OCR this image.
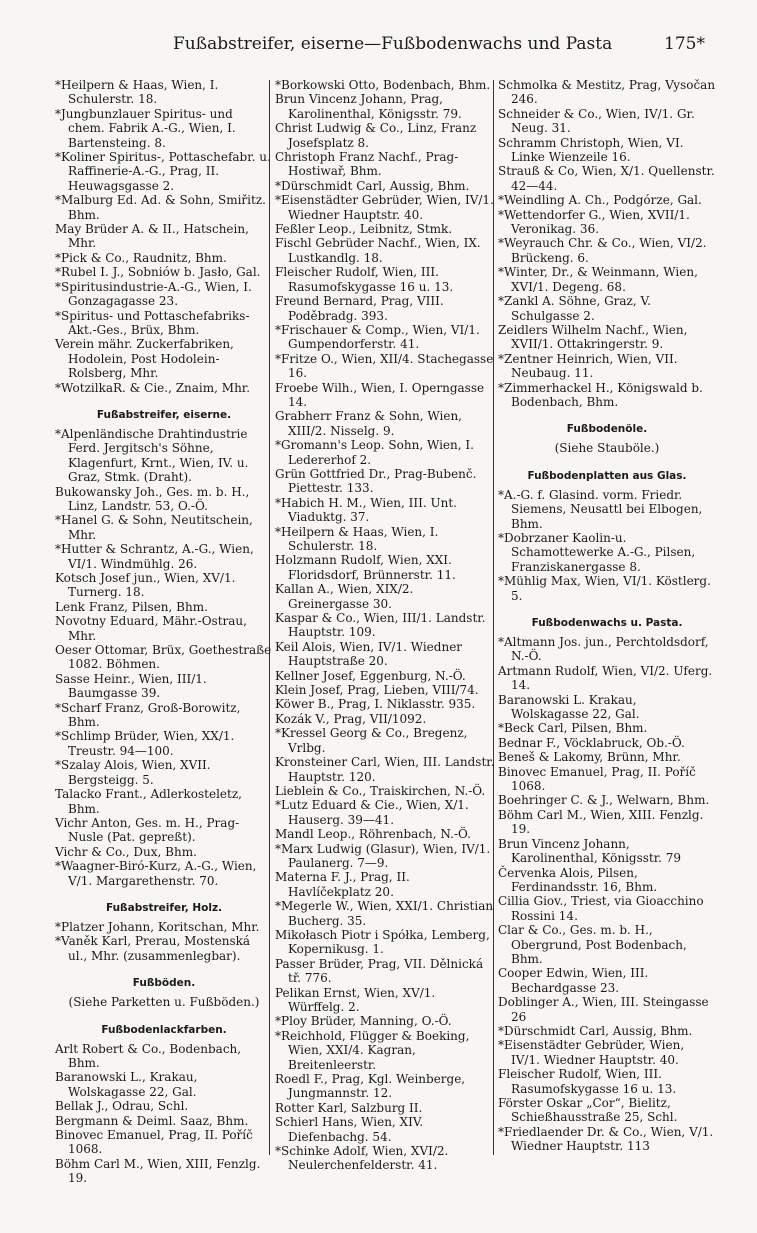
Fußabstreifer, eiserne—Fußbodenwachs und Pasta	175*
*Heilpern & Haas, Wien, I. Schulerstr. 18.
*Jungbunzlauer Spiritus- und chem. Fabrik A.-G., Wien, I. Bartensteing. 8.
*Koliner Spiritus-, Pottaschefabr. u. Raffinerie-A.-G., Prag, II. Heuwagsgasse 2.
*Malburg Ed. Ad. & Sohn, Smiřitz. Bhm.
May Brüder A. & II., Hatschein, Mhr.
*Pick & Co., Raudnitz, Bhm.
*Rubel I. J., Sobniów b. Jasło, Gal.
*Spiritusindustrie-A.-G., Wien, I. Gonzagagasse 23.
*Spiritus- und Pottaschefabriks-Akt.-Ges., Brüx, Bhm.
Verein mähr. Zuckerfabriken, Hodolein, Post Hodolein-Rolsberg, Mhr.
*WotzilkaR. & Cie., Znaim, Mhr.
Fußabstreifer, eiserne.
*Alpenländische Drahtindustrie Ferd. Jergitsch's Söhne, Klagenfurt, Krnt., Wien, IV. u. Graz, Stmk. (Draht).
Bukowansky Joh., Ges. m. b. H., Linz, Landstr. 53, O.-Ö.
*Hanel G. & Sohn, Neutitschein, Mhr.
*Hutter & Schrantz, A.-G., Wien, VI/1. Windmühlg. 26.
Kotsch Josef jun., Wien, XV/1. Turnerg. 18.
Lenk Franz, Pilsen, Bhm.
Novotny Eduard, Mähr.-Ostrau, Mhr.
Oeser Ottomar, Brüx, Goethestraße 1082. Böhmen.
Sasse Heinr., Wien, III/1. Baumgasse 39.
*Scharf Franz, Groß-Borowitz, Bhm.
*Schlimp Brüder, Wien, XX/1. Treustr. 94—100.
*Szalay Alois, Wien, XVII. Bergsteigg. 5.
Talacko Frant., Adlerkosteletz, Bhm.
Vichr Anton, Ges. m. H., Prag-Nusle (Pat. gepreßt).
Vichr & Co., Dux, Bhm.
*Waagner-Biró-Kurz, A.-G., Wien, V/1. Margarethenstr. 70.
Fußabstreifer, Holz.
*Platzer Johann, Koritschan, Mhr.
*Vaněk Karl, Prerau, Mostenská ul., Mhr. (zusammenlegbar).
Fußböden.
(Siehe Parketten u. Fußböden.)
Fußbodenlackfarben.
Arlt Robert & Co., Bodenbach, Bhm.
Baranowski L., Krakau, Wolskagasse 22, Gal.
Bellak J., Odrau, Schl.
Bergmann & Deiml. Saaz, Bhm.
Binovec Emanuel, Prag, II. Poříč 1068.
Böhm Carl M., Wien, XIII, Fenzlg. 19.
*Borkowski Otto, Bodenbach, Bhm.
Brun Vincenz Johann, Prag, Karolinenthal, Königsstr. 79.
Christ Ludwig & Co., Linz, Franz Josefsplatz 8.
Christoph Franz Nachf., Prag-Hostiwař, Bhm.
*Dürschmidt Carl, Aussig, Bhm.
*Eisenstädter Gebrüder, Wien, IV/1. Wiedner Hauptstr. 40.
Feßler Leop., Leibnitz, Stmk.
Fischl Gebrüder Nachf., Wien, IX. Lustkandlg. 18.
Fleischer Rudolf, Wien, III. Rasumofskygasse 16 u. 13.
Freund Bernard, Prag, VIII. Poděbradg. 393.
*Frischauer & Comp., Wien, VI/1. Gumpendorferstr. 41.
*Fritze O., Wien, XII/4. Stachegasse 16.
Froebe Wilh., Wien, I. Operngasse 14.
Grabherr Franz & Sohn, Wien, XIII/2. Nisselg. 9.
*Gromann's Leop. Sohn, Wien, I. Ledererhof 2.
Grün Gottfried Dr., Prag-Bubenč. Piettestr. 133.
*Habich H. M., Wien, III. Unt. Viaduktg. 37.
*Heilpern & Haas, Wien, I. Schulerstr. 18.
Holzmann Rudolf, Wien, XXI. Floridsdorf, Brünnerstr. 11.
Kallan A., Wien, XIX/2. Greinergasse 30.
Kaspar & Co., Wien, III/1. Landstr. Hauptstr. 109.
Keil Alois, Wien, IV/1. Wiedner Hauptstraße 20.
Kellner Josef, Eggenburg, N.-Ö.
Klein Josef, Prag, Lieben, VIII/74.
Köwer B., Prag, I. Niklasstr. 935.
Kozák V., Prag, VII/1092.
*Kressel Georg & Co., Bregenz, Vrlbg.
Kronsteiner Carl, Wien, III. Landstr. Hauptstr. 120.
Lieblein & Co., Traiskirchen, N.-Ö.
*Lutz Eduard & Cie., Wien, X/1. Hauserg. 39—41.
Mandl Leop., Röhrenbach, N.-Ö.
*Marx Ludwig (Glasur), Wien, IV/1. Paulanerg. 7—9.
Materna F. J., Prag, II. Havlíčekplatz 20.
*Megerle W., Wien, XXI/1. Christian Bucherg. 35.
Mikołasch Piotr i Spółka, Lemberg, Kopernikusg. 1.
Passer Brüder, Prag, VII. Dělnická tř. 776.
Pelikan Ernst, Wien, XV/1. Würffelg. 2.
*Ploy Brüder, Manning, O.-Ö.
*Reichhold, Flügger & Boeking, Wien, XXI/4. Kagran, Breitenleerstr.
Roedl F., Prag, Kgl. Weinberge, Jungmannstr. 12.
Rotter Karl, Salzburg II.
Schierl Hans, Wien, XIV. Diefenbachg. 54.
*Schinke Adolf, Wien, XVI/2. Neulerchenfelderstr. 41.
Schmolka & Mestitz, Prag, Vysočan 246.
Schneider & Co., Wien, IV/1. Gr. Neug. 31.
Schramm Christoph, Wien, VI. Linke Wienzeile 16.
Strauß & Co, Wien, X/1. Quellenstr. 42—44.
*Weindling A. Ch., Podgórze, Gal.
*Wettendorfer G., Wien, XVII/1. Veronikag. 36.
*Weyrauch Chr. & Co., Wien, VI/2. Brückeng. 6.
*Winter, Dr., & Weinmann, Wien, XVI/1. Degeng. 68.
*Zankl A. Söhne, Graz, V. Schulgasse 2.
Zeidlers Wilhelm Nachf., Wien, XVII/1. Ottakringerstr. 9.
*Zentner Heinrich, Wien, VII. Neubaug. 11.
*Zimmerhackel H., Königswald b. Bodenbach, Bhm.
Fußbodenöle.
(Siehe Stauböle.)
Fußbodenplatten aus Glas.
*A.-G. f. Glasind. vorm. Friedr. Siemens, Neusattl bei Elbogen, Bhm.
*Dobrzaner Kaolin-u. Schamottewerke A.-G., Pilsen, Franziskanergasse 8.
*Mühlig Max, Wien, VI/1. Köstlerg. 5.
Fußbodenwachs u. Pasta.
*Altmann Jos. jun., Perchtoldsdorf, N.-Ö.
Artmann Rudolf, Wien, VI/2. Uferg. 14.
Baranowski L. Krakau, Wolskagasse 22, Gal.
*Beck Carl, Pilsen, Bhm.
Bednar F., Vöcklabruck, Ob.-Ö.
Beneš & Lakomy, Brünn, Mhr.
Binovec Emanuel, Prag, II. Poříč 1068.
Boehringer C. & J., Welwarn, Bhm.
Böhm Carl M., Wien, XIII. Fenzlg. 19.
Brun Vincenz Johann, Karolinenthal, Königsstr. 79
Červenka Alois, Pilsen, Ferdinandsstr. 16, Bhm.
Cillia Giov., Triest, via Gioacchino Rossini 14.
Clar & Co., Ges. m. b. H., Obergrund, Post Bodenbach, Bhm.
Cooper Edwin, Wien, III. Bechardgasse 23.
Doblinger A., Wien, III. Steingasse 26
*Dürschmidt Carl, Aussig, Bhm.
*Eisenstädter Gebrüder, Wien, IV/1. Wiedner Hauptstr. 40.
Fleischer Rudolf, Wien, III. Rasumofskygasse 16 u. 13.
Förster Oskar „Cor“, Bielitz, Schießhausstraße 25, Schl.
*Friedlaender Dr. & Co., Wien, V/1. Wiedner Hauptstr. 113
